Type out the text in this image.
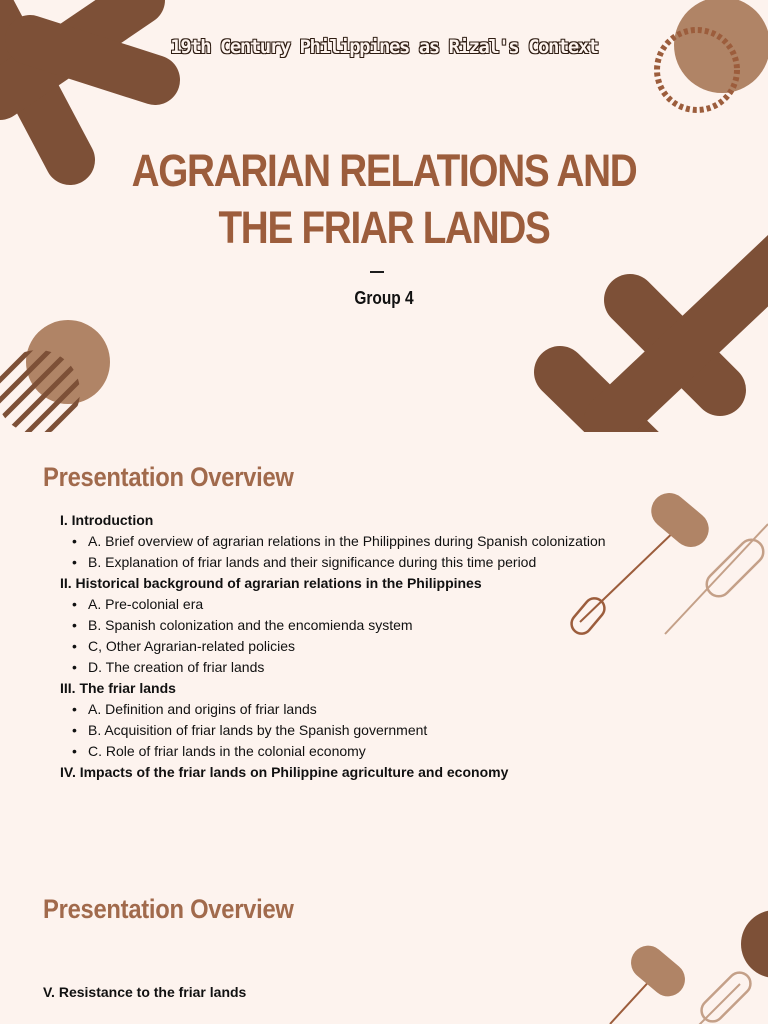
19th Century Philippines as Rizal's Context
AGRARIAN RELATIONS AND
THE FRIAR LANDS
Group 4
Presentation Overview
I. Introduction
• A. Brief overview of agrarian relations in the Philippines during Spanish colonization
• B. Explanation of friar lands and their significance during this time period
II. Historical background of agrarian relations in the Philippines
• A. Pre-colonial era
• B. Spanish colonization and the encomienda system
• C, Other Agrarian-related policies
• D. The creation of friar lands
III. The friar lands
• A. Definition and origins of friar lands
• B. Acquisition of friar lands by the Spanish government
• C. Role of friar lands in the colonial economy
IV. Impacts of the friar lands on Philippine agriculture and economy
Presentation Overview
V. Resistance to the friar lands
